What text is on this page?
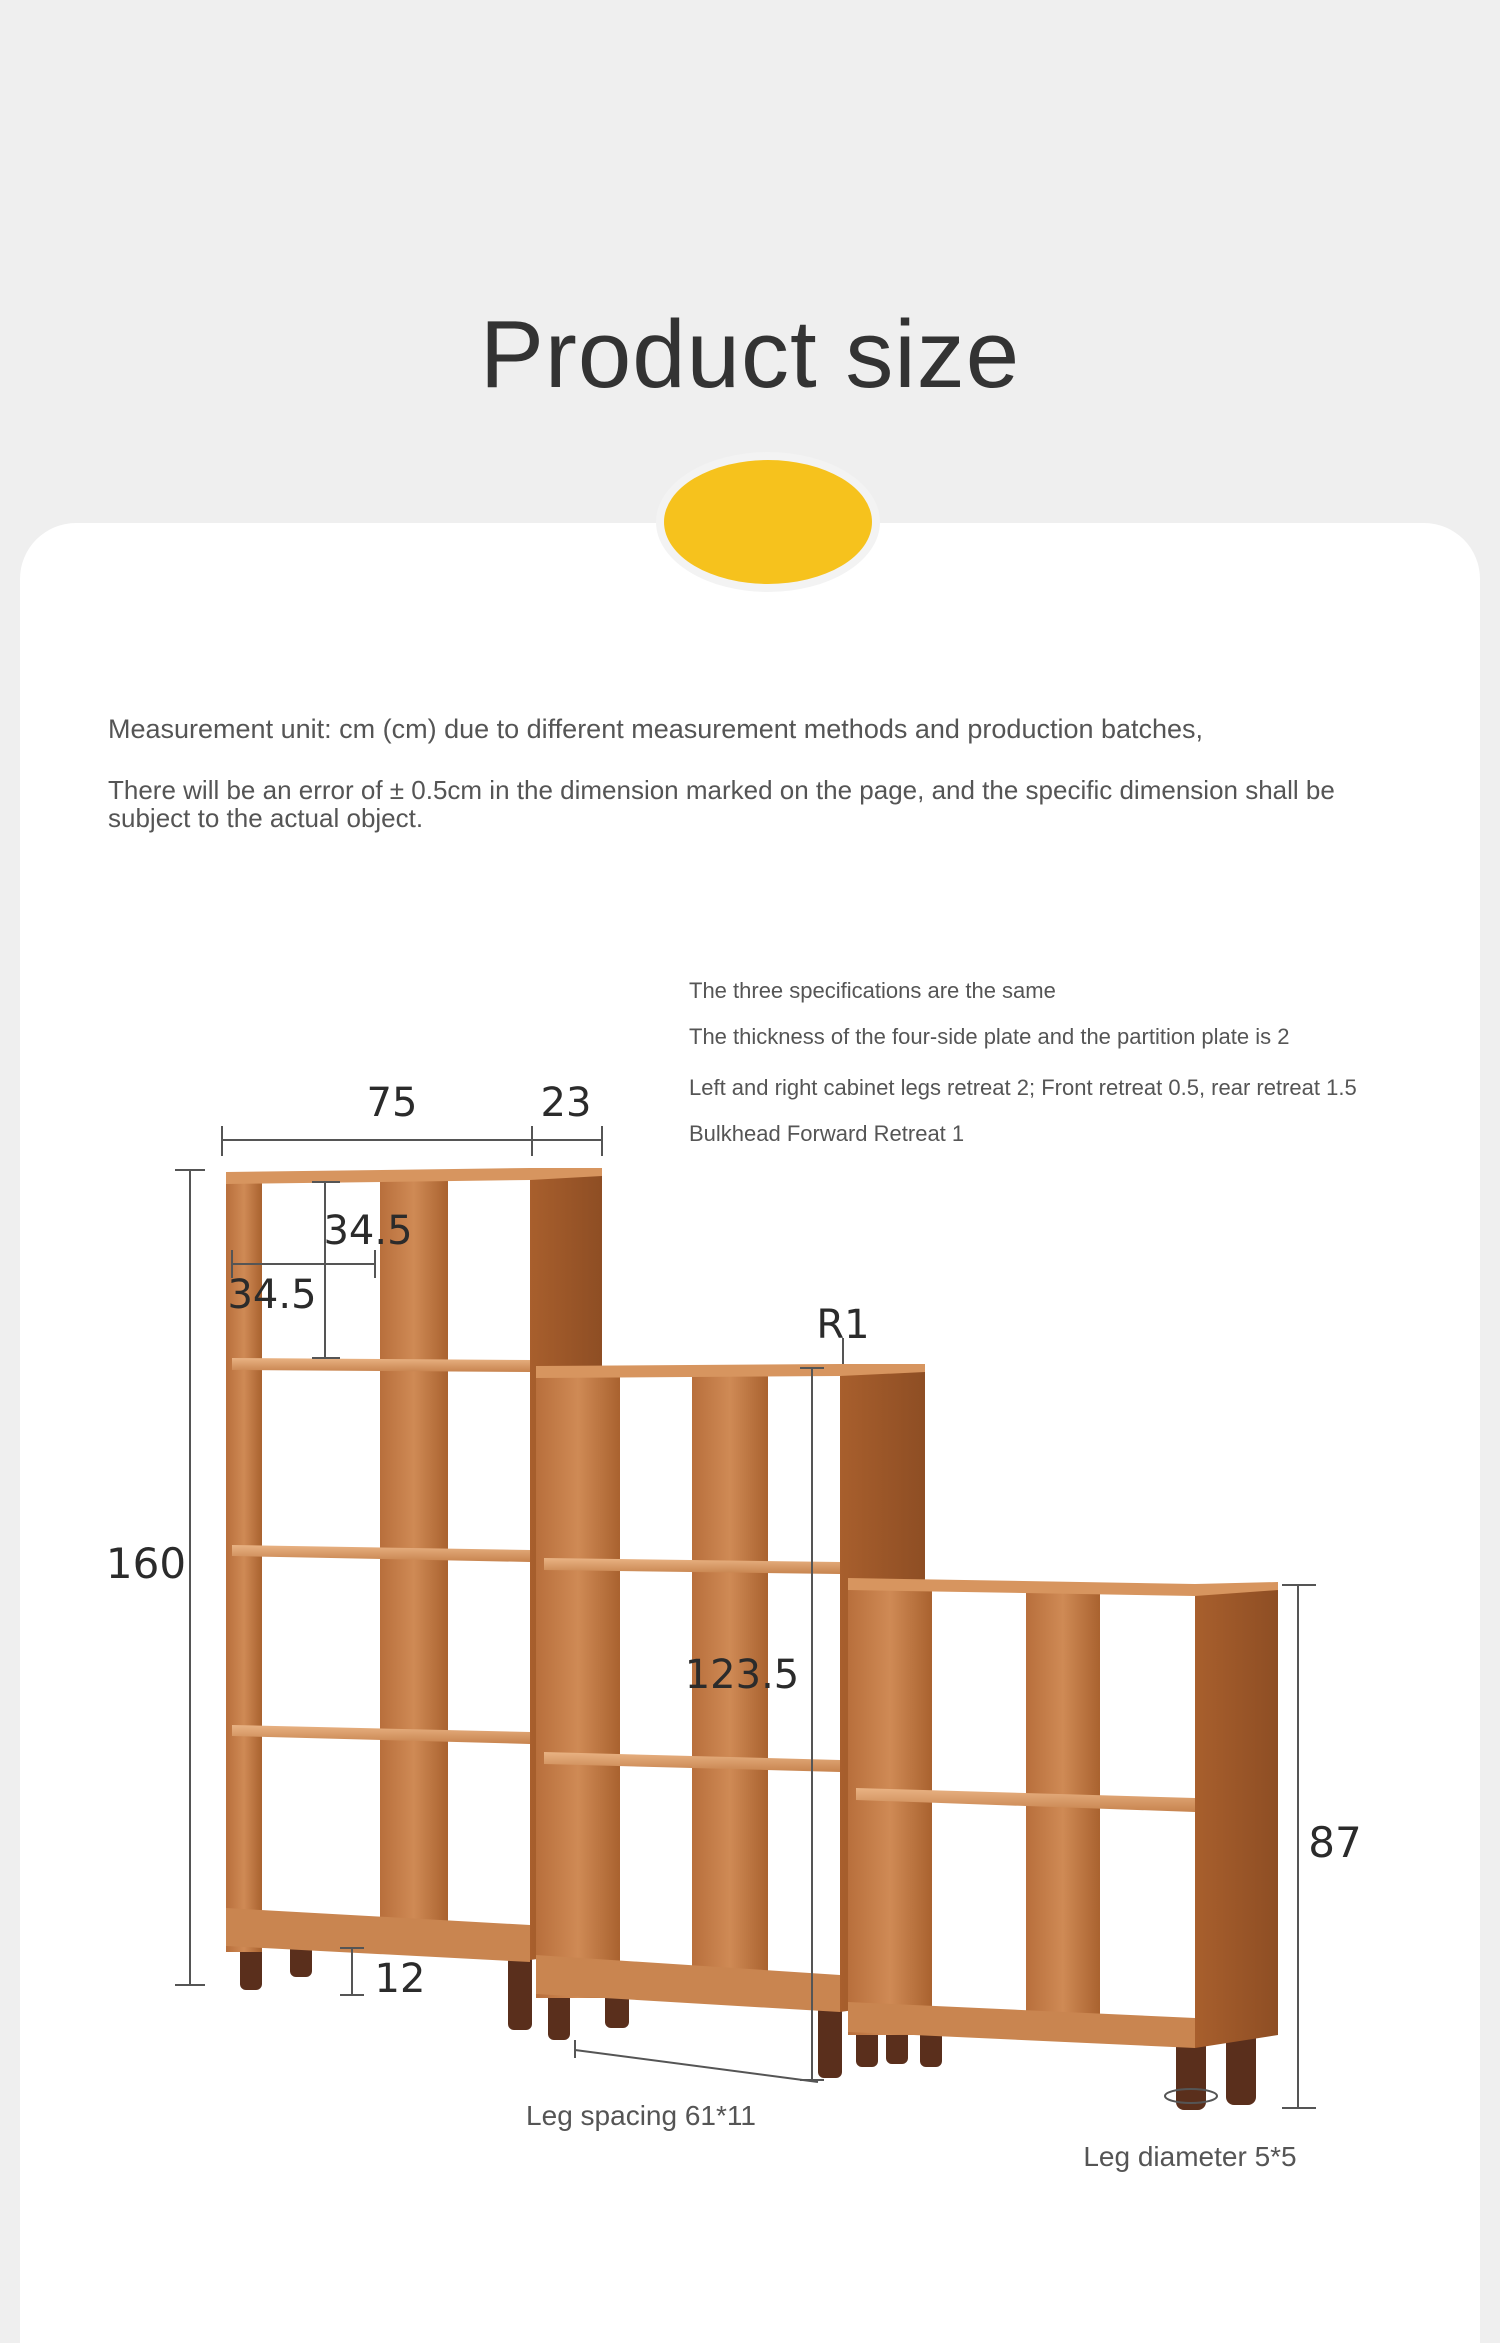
Product size
Measurement unit: cm (cm) due to different measurement methods and production batches,
There will be an error of ± 0.5cm in the dimension marked on the page, and the specific dimension shall be subject to the actual object.
The three specifications are the same
The thickness of the four-side plate and the partition plate is 2
Left and right cabinet legs retreat 2; Front retreat 0.5, rear retreat 1.5
Bulkhead Forward Retreat 1
75	23
34.5
34.5
160
123.5
87
12
R1
Leg spacing 61*11
Leg diameter 5*5
